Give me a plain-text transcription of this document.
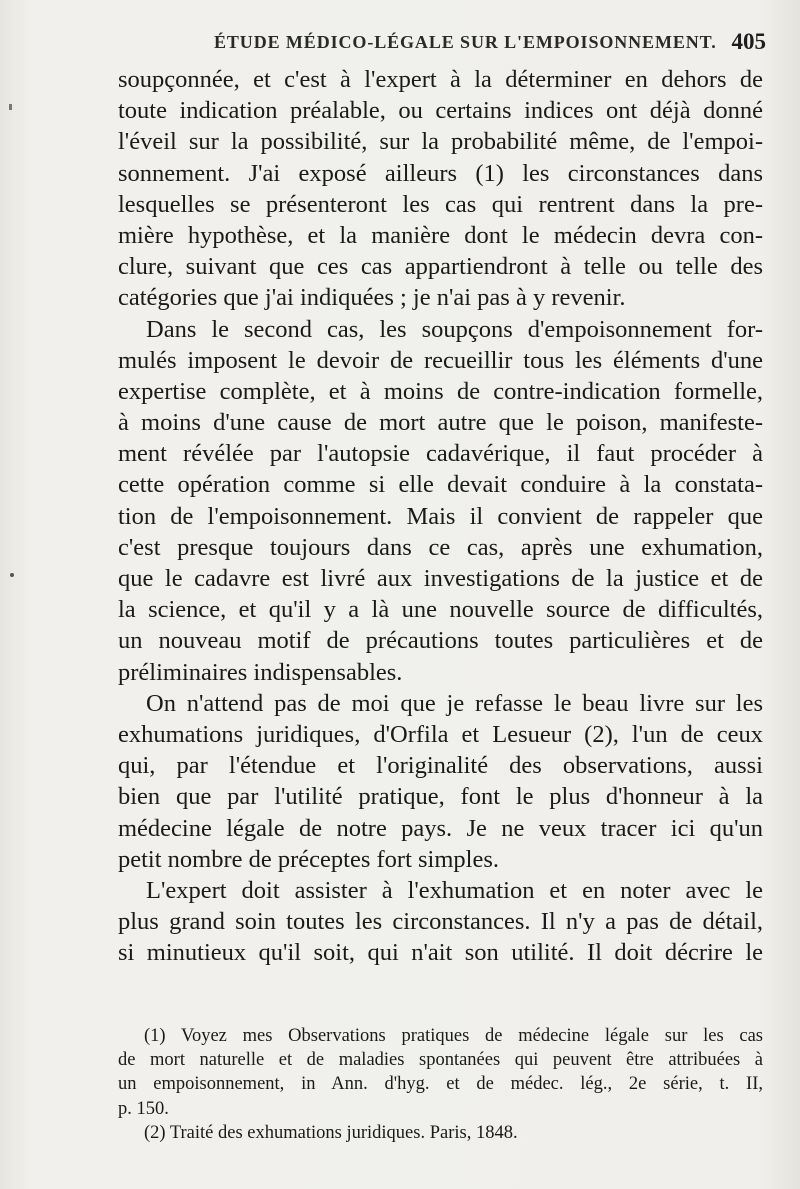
ÉTUDE MÉDICO-LÉGALE SUR L'EMPOISONNEMENT. 405
soupçonnée, et c'est à l'expert à la déterminer en dehors de
toute indication préalable, ou certains indices ont déjà donné
l'éveil sur la possibilité, sur la probabilité même, de l'empoi-
sonnement. J'ai exposé ailleurs (1) les circonstances dans
lesquelles se présenteront les cas qui rentrent dans la pre-
mière hypothèse, et la manière dont le médecin devra con-
clure, suivant que ces cas appartiendront à telle ou telle des
catégories que j'ai indiquées ; je n'ai pas à y revenir.
Dans le second cas, les soupçons d'empoisonnement for-
mulés imposent le devoir de recueillir tous les éléments d'une
expertise complète, et à moins de contre-indication formelle,
à moins d'une cause de mort autre que le poison, manifeste-
ment révélée par l'autopsie cadavérique, il faut procéder à
cette opération comme si elle devait conduire à la constata-
tion de l'empoisonnement. Mais il convient de rappeler que
c'est presque toujours dans ce cas, après une exhumation,
que le cadavre est livré aux investigations de la justice et de
la science, et qu'il y a là une nouvelle source de difficultés,
un nouveau motif de précautions toutes particulières et de
préliminaires indispensables.
On n'attend pas de moi que je refasse le beau livre sur les
exhumations juridiques, d'Orfila et Lesueur (2), l'un de ceux
qui, par l'étendue et l'originalité des observations, aussi
bien que par l'utilité pratique, font le plus d'honneur à la
médecine légale de notre pays. Je ne veux tracer ici qu'un
petit nombre de préceptes fort simples.
L'expert doit assister à l'exhumation et en noter avec le
plus grand soin toutes les circonstances. Il n'y a pas de détail,
si minutieux qu'il soit, qui n'ait son utilité. Il doit décrire le
(1) Voyez mes Observations pratiques de médecine légale sur les cas
de mort naturelle et de maladies spontanées qui peuvent être attribuées à
un empoisonnement, in Ann. d'hyg. et de médec. lég., 2e série, t. II,
p. 150.
(2) Traité des exhumations juridiques. Paris, 1848.
